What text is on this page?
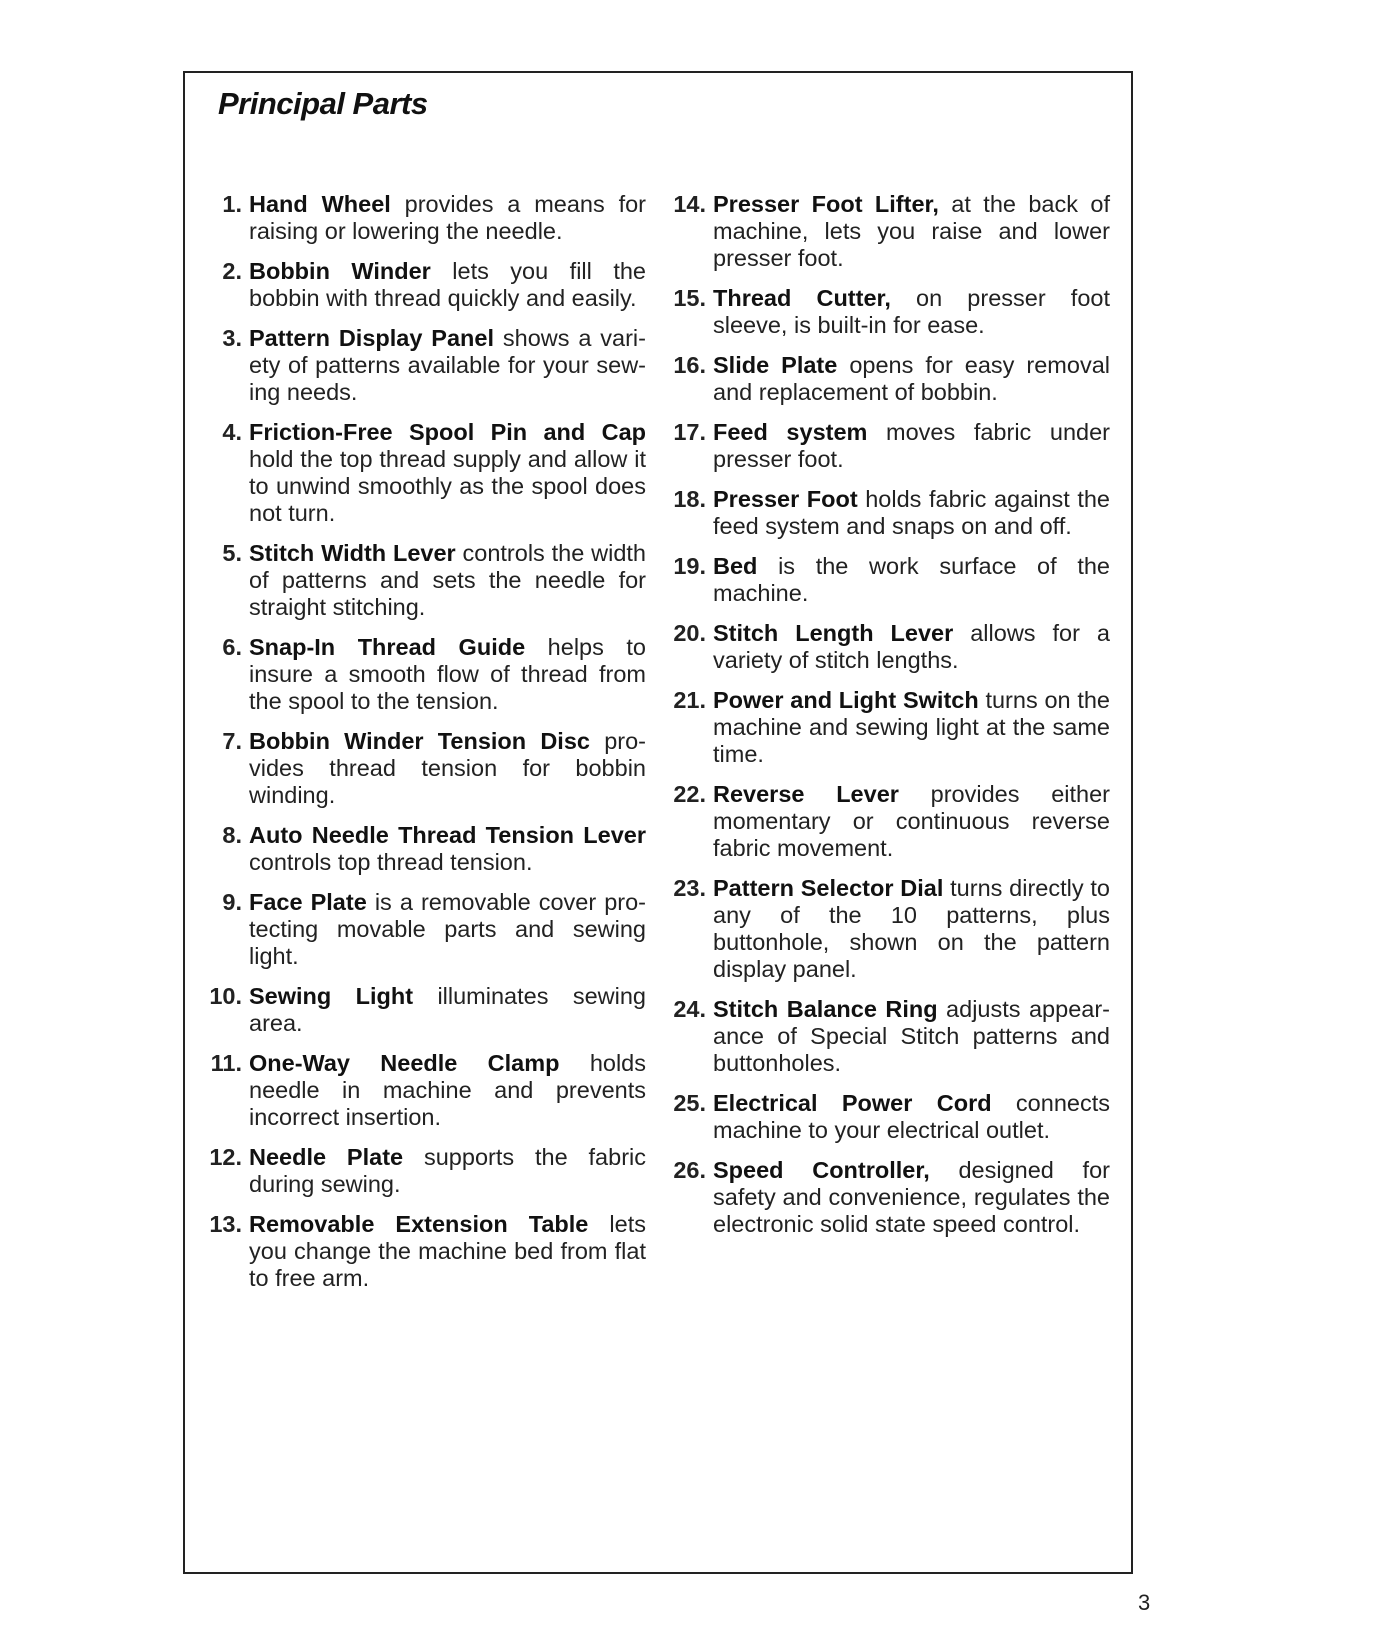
Principal Parts
1. Hand Wheel provides a means for raising or lowering the needle.
2. Bobbin Winder lets you fill the bobbin with thread quickly and easily.
3. Pattern Display Panel shows a variety of patterns available for your sewing needs.
4. Friction-Free Spool Pin and Cap hold the top thread supply and allow it to unwind smoothly as the spool does not turn.
5. Stitch Width Lever controls the width of patterns and sets the needle for straight stitching.
6. Snap-In Thread Guide helps to insure a smooth flow of thread from the spool to the tension.
7. Bobbin Winder Tension Disc provides thread tension for bobbin winding.
8. Auto Needle Thread Tension Lever controls top thread tension.
9. Face Plate is a removable cover protecting movable parts and sewing light.
10. Sewing Light illuminates sewing area.
11. One-Way Needle Clamp holds needle in machine and prevents incorrect insertion.
12. Needle Plate supports the fabric during sewing.
13. Removable Extension Table lets you change the machine bed from flat to free arm.
14. Presser Foot Lifter, at the back of machine, lets you raise and lower presser foot.
15. Thread Cutter, on presser foot sleeve, is built-in for ease.
16. Slide Plate opens for easy removal and replacement of bobbin.
17. Feed system moves fabric under presser foot.
18. Presser Foot holds fabric against the feed system and snaps on and off.
19. Bed is the work surface of the machine.
20. Stitch Length Lever allows for a variety of stitch lengths.
21. Power and Light Switch turns on the machine and sewing light at the same time.
22. Reverse Lever provides either momentary or continuous reverse fabric movement.
23. Pattern Selector Dial turns directly to any of the 10 patterns, plus buttonhole, shown on the pattern display panel.
24. Stitch Balance Ring adjusts appearance of Special Stitch patterns and buttonholes.
25. Electrical Power Cord connects machine to your electrical outlet.
26. Speed Controller, designed for safety and convenience, regulates the electronic solid state speed control.
3
